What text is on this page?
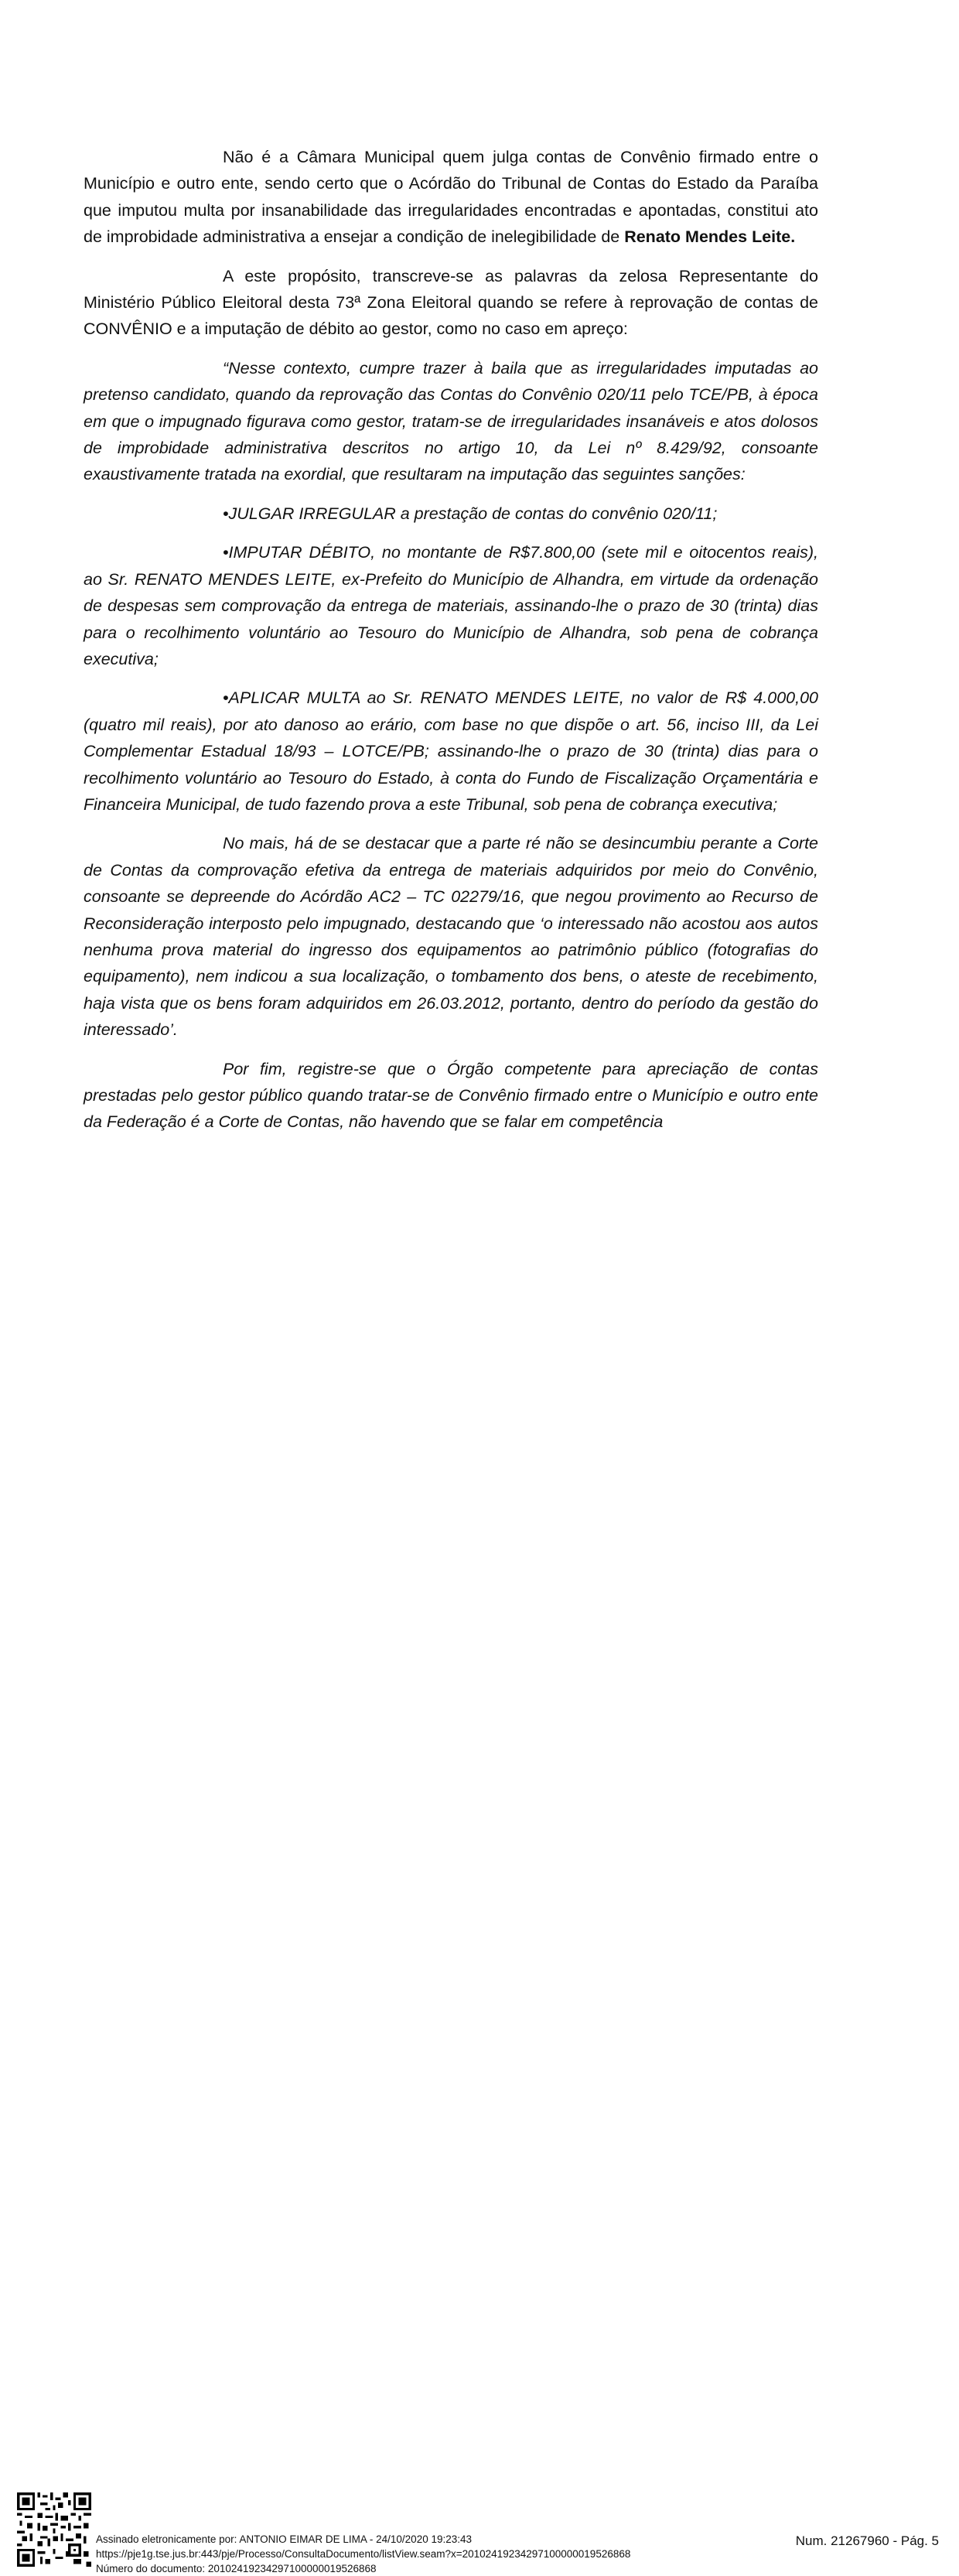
Não é a Câmara Municipal quem julga contas de Convênio firmado entre o Município e outro ente, sendo certo que o Acórdão do Tribunal de Contas do Estado da Paraíba que imputou multa por insanabilidade das irregularidades encontradas e apontadas, constitui ato de improbidade administrativa a ensejar a condição de inelegibilidade de Renato Mendes Leite.

A este propósito, transcreve-se as palavras da zelosa Representante do Ministério Público Eleitoral desta 73ª Zona Eleitoral quando se refere à reprovação de contas de CONVÊNIO e a imputação de débito ao gestor, como no caso em apreço:

“Nesse contexto, cumpre trazer à baila que as irregularidades imputadas ao pretenso candidato, quando da reprovação das Contas do Convênio 020/11 pelo TCE/PB, à época em que o impugnado figurava como gestor, tratam-se de irregularidades insanáveis e atos dolosos de improbidade administrativa descritos no artigo 10, da Lei nº 8.429/92, consoante exaustivamente tratada na exordial, que resultaram na imputação das seguintes sanções:

•JULGAR IRREGULAR a prestação de contas do convênio 020/11;

•IMPUTAR DÉBITO, no montante de R$7.800,00 (sete mil e oitocentos reais), ao Sr. RENATO MENDES LEITE, ex-Prefeito do Município de Alhandra, em virtude da ordenação de despesas sem comprovação da entrega de materiais, assinando-lhe o prazo de 30 (trinta) dias para o recolhimento voluntário ao Tesouro do Município de Alhandra, sob pena de cobrança executiva;

•APLICAR MULTA ao Sr. RENATO MENDES LEITE, no valor de R$ 4.000,00 (quatro mil reais), por ato danoso ao erário, com base no que dispõe o art. 56, inciso III, da Lei Complementar Estadual 18/93 – LOTCE/PB; assinando-lhe o prazo de 30 (trinta) dias para o recolhimento voluntário ao Tesouro do Estado, à conta do Fundo de Fiscalização Orçamentária e Financeira Municipal, de tudo fazendo prova a este Tribunal, sob pena de cobrança executiva;

No mais, há de se destacar que a parte ré não se desincumbiu perante a Corte de Contas da comprovação efetiva da entrega de materiais adquiridos por meio do Convênio, consoante se depreende do Acórdão AC2 – TC 02279/16, que negou provimento ao Recurso de Reconsideração interposto pelo impugnado, destacando que ‘o interessado não acostou aos autos nenhuma prova material do ingresso dos equipamentos ao patrimônio público (fotografias do equipamento), nem indicou a sua localização, o tombamento dos bens, o ateste de recebimento, haja vista que os bens foram adquiridos em 26.03.2012, portanto, dentro do período da gestão do interessado’.

Por fim, registre-se que o Órgão competente para apreciação de contas prestadas pelo gestor público quando tratar-se de Convênio firmado entre o Município e outro ente da Federação é a Corte de Contas, não havendo que se falar em competência

Assinado eletronicamente por: ANTONIO EIMAR DE LIMA - 24/10/2020 19:23:43
https://pje1g.tse.jus.br:443/pje/Processo/ConsultaDocumento/listView.seam?x=20102419234297100000019526868
Número do documento: 20102419234297100000019526868
Num. 21267960 - Pág. 5
